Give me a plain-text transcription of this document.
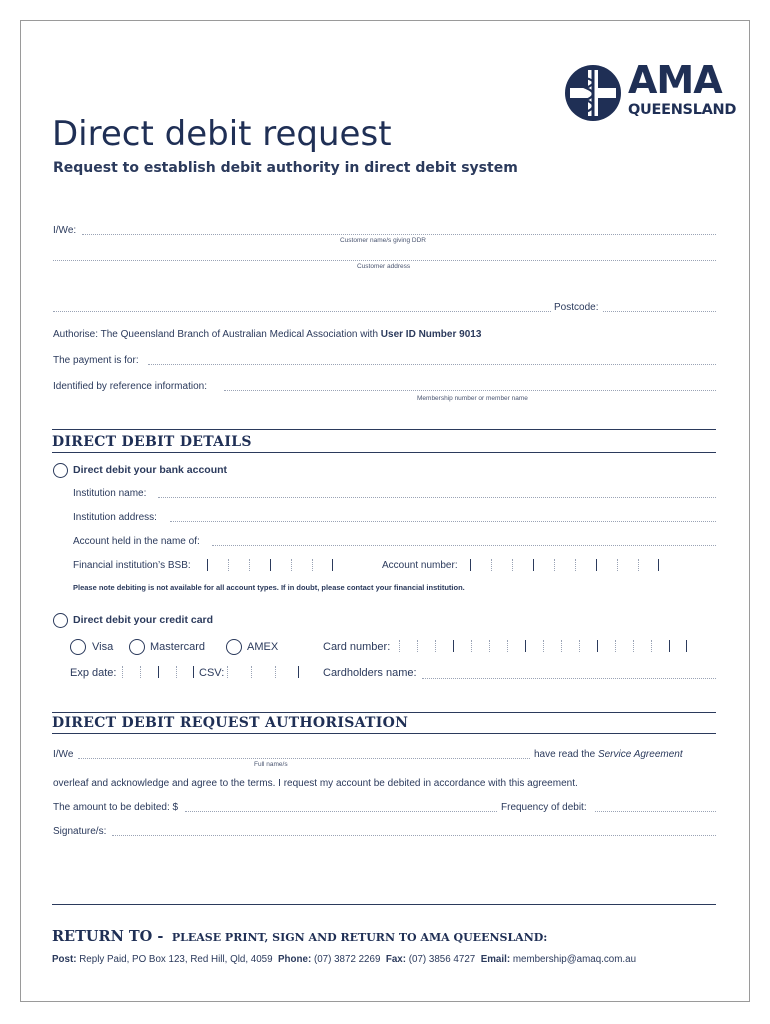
AMA
QUEENSLAND
Direct debit request
Request to establish debit authority in direct debit system
I/We:
Customer name/s giving DDR
Customer address
Postcode:
Authorise: The Queensland Branch of Australian Medical Association with User ID Number 9013
The payment is for:
Identified by reference information:
Membership number or member name
DIRECT DEBIT DETAILS
Direct debit your bank account
Institution name:
Institution address:
Account held in the name of:
Financial institution’s BSB:	Account number:
Please note debiting is not available for all account types. If in doubt, please contact your financial institution.
Direct debit your credit card
Visa	Mastercard	AMEX	Card number:
Exp date:	CSV:	Cardholders name:
DIRECT DEBIT REQUEST AUTHORISATION
I/We
Full name/s
have read the Service Agreement
overleaf and acknowledge and agree to the terms. I request my account be debited in accordance with this agreement.
The amount to be debited: $	Frequency of debit:
Signature/s:
RETURN TO - PLEASE PRINT, SIGN AND RETURN TO AMA QUEENSLAND:
Post: Reply Paid, PO Box 123, Red Hill, Qld, 4059 Phone: (07) 3872 2269 Fax: (07) 3856 4727 Email: membership@amaq.com.au
